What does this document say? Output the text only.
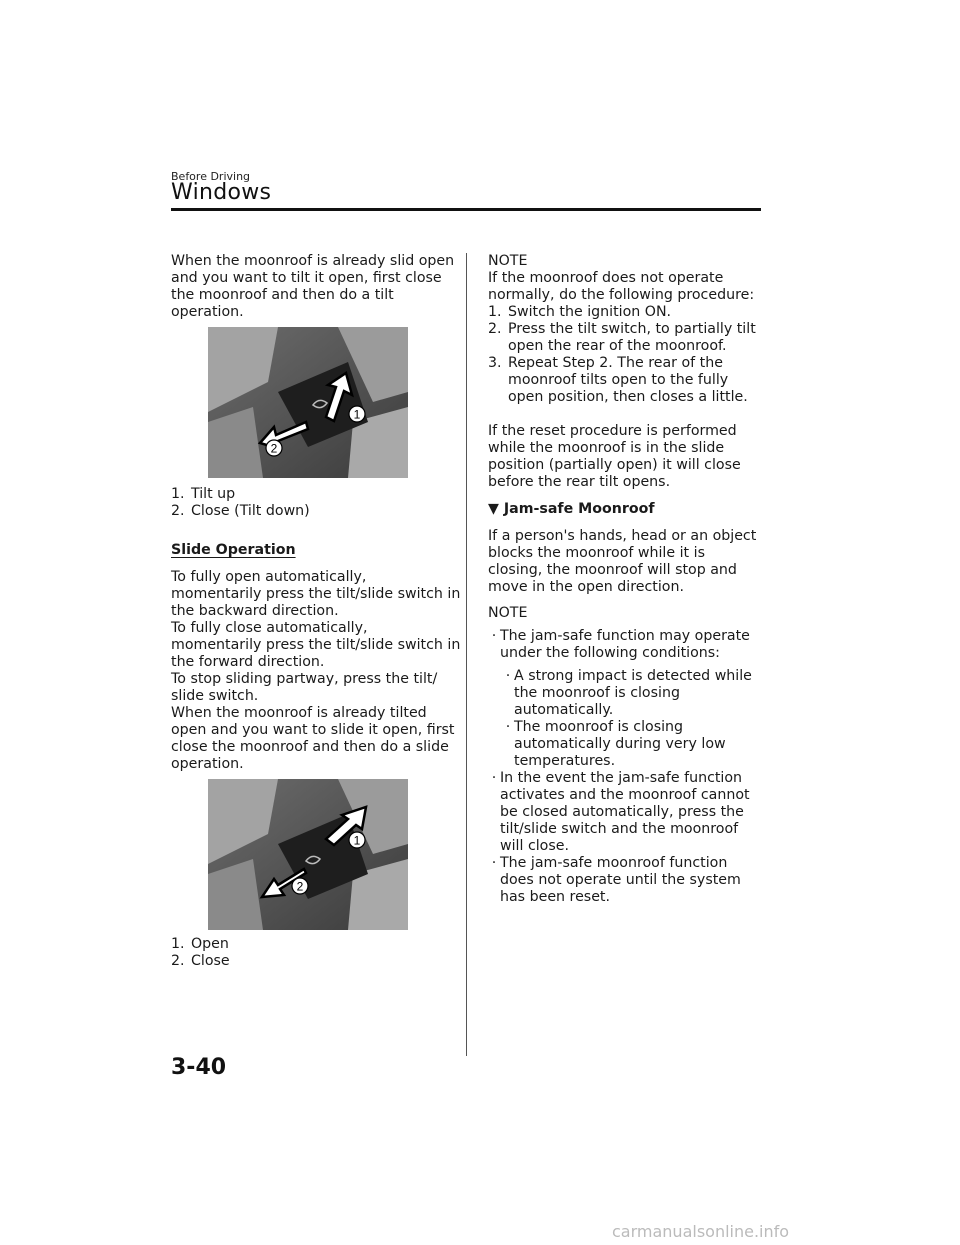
Before Driving
Windows

When the moonroof is already slid open and you want to tilt it open, first close the moonroof and then do a tilt operation.

1
2
1. Tilt up
2. Close (Tilt down)

Slide Operation

To fully open automatically, momentarily press the tilt/slide switch in the backward direction.

To fully close automatically, momentarily press the tilt/slide switch in the forward direction.

To stop sliding partway, press the tilt/ slide switch.

When the moonroof is already tilted open and you want to slide it open, first close the moonroof and then do a slide operation.

1
2
1. Open
2. Close

NOTE

If the moonroof does not operate normally, do the following procedure:

1. Switch the ignition ON.
2. Press the tilt switch, to partially tilt open the rear of the moonroof.
3. Repeat Step 2. The rear of the moonroof tilts open to the fully open position, then closes a little.

If the reset procedure is performed while the moonroof is in the slide position (partially open) it will close before the rear tilt opens.

▼ Jam-safe Moonroof

If a person's hands, head or an object blocks the moonroof while it is closing, the moonroof will stop and move in the open direction.

NOTE

· The jam-safe function may operate under the following conditions:
· A strong impact is detected while the moonroof is closing automatically.
· The moonroof is closing automatically during very low temperatures.
· In the event the jam-safe function activates and the moonroof cannot be closed automatically, press the tilt/slide switch and the moonroof will close.
· The jam-safe moonroof function does not operate until the system has been reset.
3-40
carmanualsonline.info
